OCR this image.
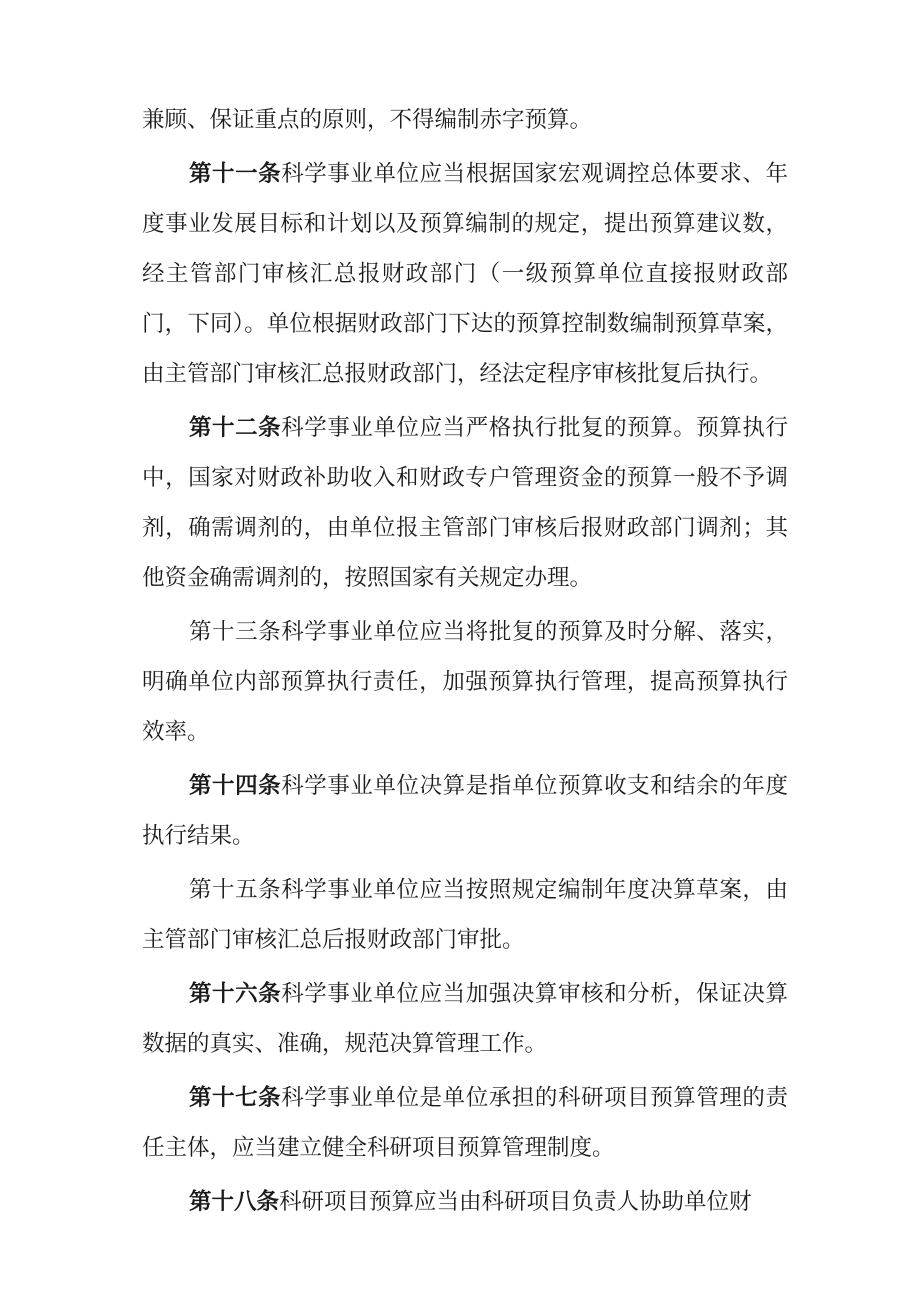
兼顾、保证重点的原则，不得编制赤字预算。

第十一条科学事业单位应当根据国家宏观调控总体要求、年度事业发展目标和计划以及预算编制的规定，提出预算建议数，经主管部门审核汇总报财政部门（一级预算单位直接报财政部门，下同）。单位根据财政部门下达的预算控制数编制预算草案，由主管部门审核汇总报财政部门，经法定程序审核批复后执行。

第十二条科学事业单位应当严格执行批复的预算。预算执行中，国家对财政补助收入和财政专户管理资金的预算一般不予调剂，确需调剂的，由单位报主管部门审核后报财政部门调剂；其他资金确需调剂的，按照国家有关规定办理。

第十三条科学事业单位应当将批复的预算及时分解、落实，明确单位内部预算执行责任，加强预算执行管理，提高预算执行效率。

第十四条科学事业单位决算是指单位预算收支和结余的年度执行结果。

第十五条科学事业单位应当按照规定编制年度决算草案，由主管部门审核汇总后报财政部门审批。

第十六条科学事业单位应当加强决算审核和分析，保证决算数据的真实、准确，规范决算管理工作。

第十七条科学事业单位是单位承担的科研项目预算管理的责任主体，应当建立健全科研项目预算管理制度。

第十八条科研项目预算应当由科研项目负责人协助单位财
